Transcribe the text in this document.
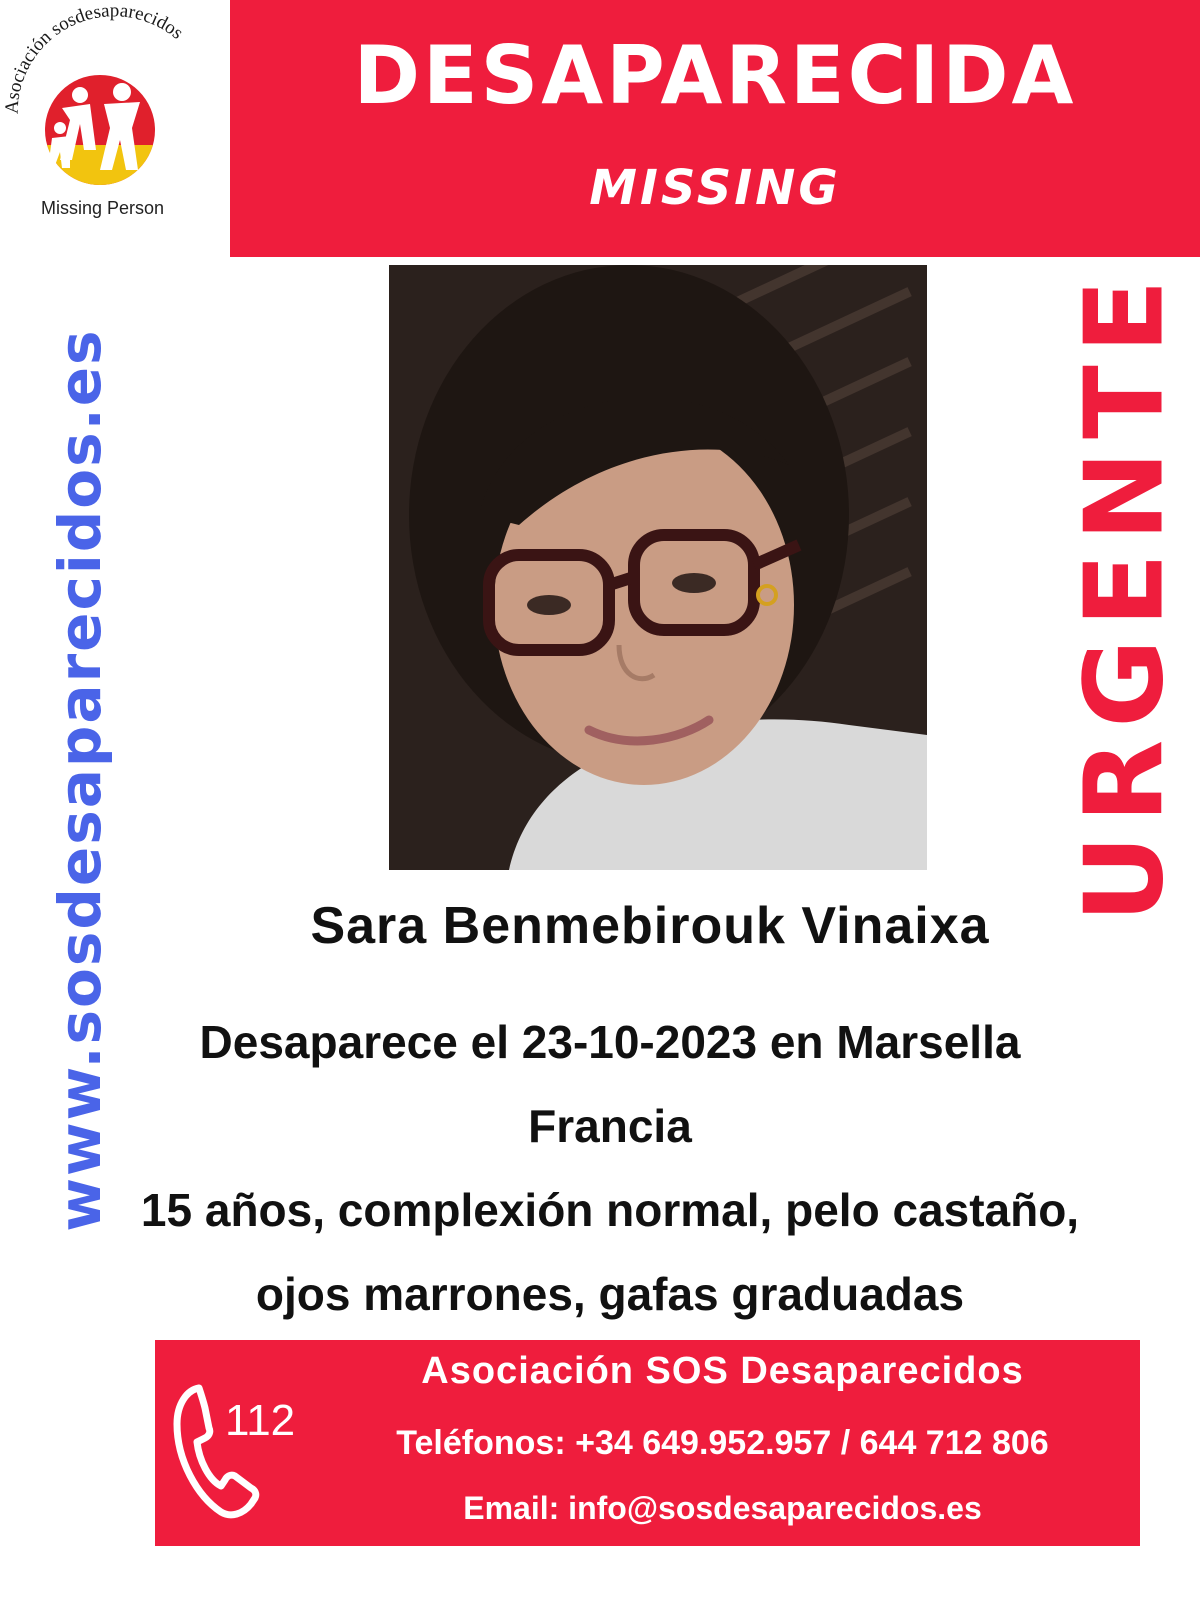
Asociación sosdesaparecidos
Missing Person
DESAPARECIDA
MISSING
www.sosdesaparecidos.es	URGENTE
Sara Benmebirouk Vinaixa
Desaparece el 23-10-2023 en Marsella
Francia
15 años, complexión normal, pelo castaño,
ojos marrones, gafas graduadas
112
Asociación SOS Desaparecidos
Teléfonos: +34 649.952.957 / 644 712 806
Email: info@sosdesaparecidos.es
